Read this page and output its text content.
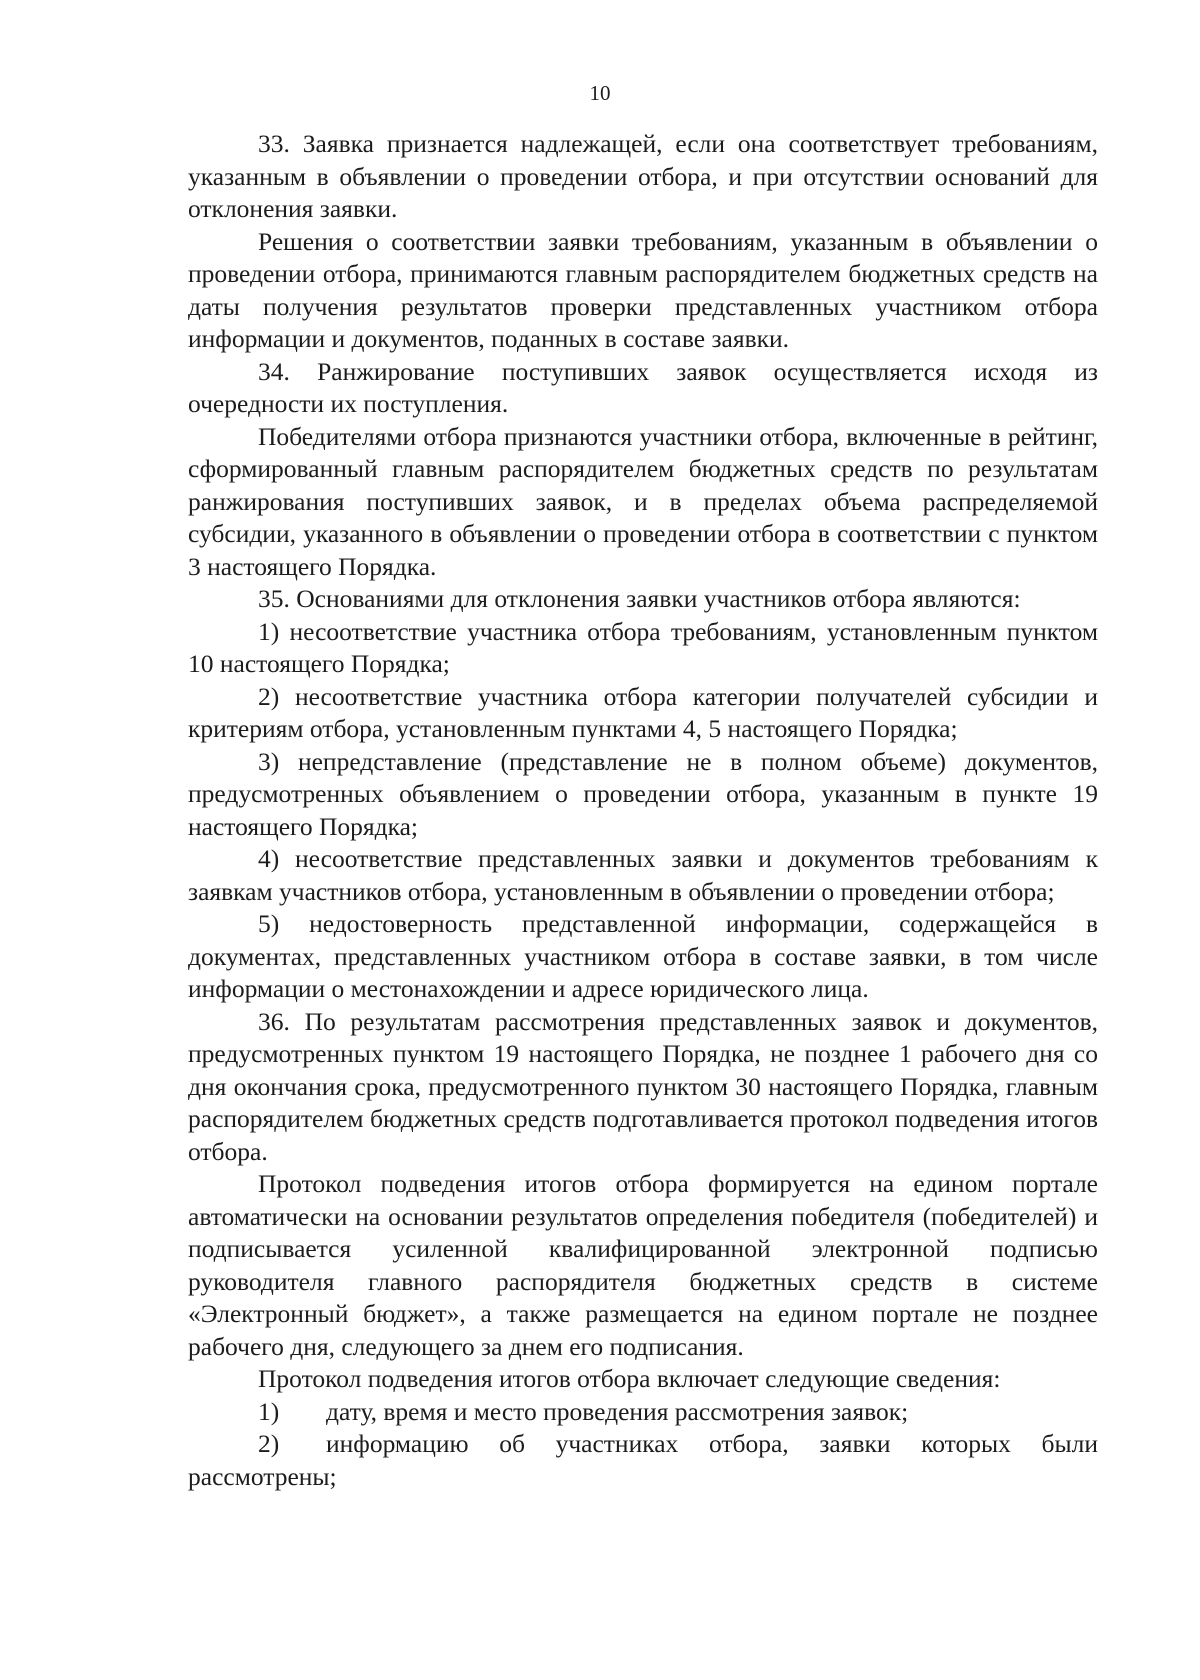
10

33. Заявка признается надлежащей, если она соответствует требованиям, указанным в объявлении о проведении отбора, и при отсутствии оснований для отклонения заявки.

Решения о соответствии заявки требованиям, указанным в объявлении о проведении отбора, принимаются главным распорядителем бюджетных средств на даты получения результатов проверки представленных участником отбора информации и документов, поданных в составе заявки.

34. Ранжирование поступивших заявок осуществляется исходя из очередности их поступления.

Победителями отбора признаются участники отбора, включенные в рейтинг, сформированный главным распорядителем бюджетных средств по результатам ранжирования поступивших заявок, и в пределах объема распределяемой субсидии, указанного в объявлении о проведении отбора в соответствии с пунктом 3 настоящего Порядка.

35. Основаниями для отклонения заявки участников отбора являются:

1) несоответствие участника отбора требованиям, установленным пунктом 10 настоящего Порядка;

2) несоответствие участника отбора категории получателей субсидии и критериям отбора, установленным пунктами 4, 5 настоящего Порядка;

3) непредставление (представление не в полном объеме) документов, предусмотренных объявлением о проведении отбора, указанным в пункте 19 настоящего Порядка;

4) несоответствие представленных заявки и документов требованиям к заявкам участников отбора, установленным в объявлении о проведении отбора;

5) недостоверность представленной информации, содержащейся в документах, представленных участником отбора в составе заявки, в том числе информации о местонахождении и адресе юридического лица.

36. По результатам рассмотрения представленных заявок и документов, предусмотренных пунктом 19 настоящего Порядка, не позднее 1 рабочего дня со дня окончания срока, предусмотренного пунктом 30 настоящего Порядка, главным распорядителем бюджетных средств подготавливается протокол подведения итогов отбора.

Протокол подведения итогов отбора формируется на едином портале автоматически на основании результатов определения победителя (победителей) и подписывается усиленной квалифицированной электронной подписью руководителя главного распорядителя бюджетных средств в системе «Электронный бюджет», а также размещается на едином портале не позднее рабочего дня, следующего за днем его подписания.

Протокол подведения итогов отбора включает следующие сведения:

1) дату, время и место проведения рассмотрения заявок;

2) информацию об участниках отбора, заявки которых были рассмотрены;
